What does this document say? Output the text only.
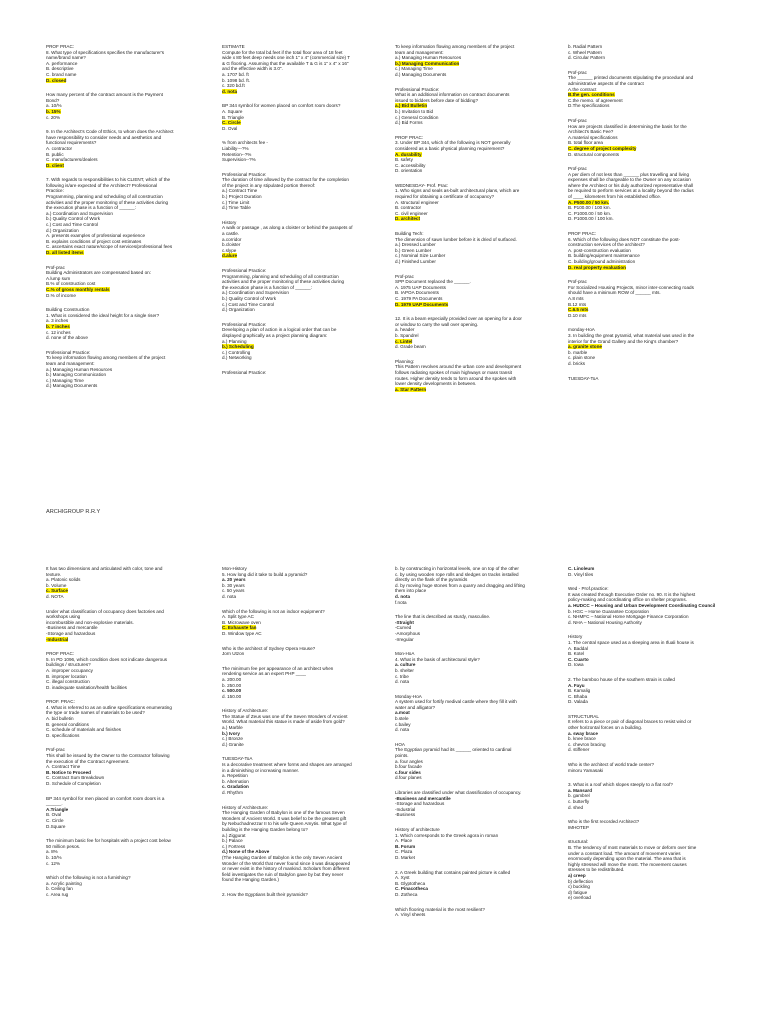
PROF PRAC:
8. What type of specifications specifies the manufacturer's
name/brand name?
A. performance
B. descriptive
C. brand name
D. closed
How many percent of the contract amount is the Payment
Bond?
a. 10/%
b. 15%
c. 20%
9. In the Architect's Code of Ethics, to whom does the Architect
have responsibility to consider needs and aesthetics and
functional requirements?
A. contractor
B. public
C. manufacturers/dealers
D. client
7. With regards to responsibilities to his CLIENT, which of the
following is/are expected of the Architect? Professional
Practice:
Programming, planning and scheduling of all construction
activities and the proper monitoring of these activities during
the execution phase is a function of ______:
a.) Coordination and Supervision
b.) Quality Control of Work
c.) Cost and Time Control
d.) Organization
A. presents examples of professional experience
B. explains conditions of project cost estimates
C. ascertains exact nature/scope of services/professional fees
D. all listed items
Prof-prac
Building Administrators are compensated based on:
A.lump sum
B.% of construction cost
C.% of gross monthly rentals
D.% of income
Building Construction
1. What is considered the ideal height for a single riser?
a. 3 inches
b. 7 inches
c. 12 inches
d. none of the above
Professional Practice:
To keep information flowing among members of the project
team and management:
a.) Managing Human Resources
b.) Managing Communication
c.) Managing Time
d.) Managing Documents
ESTIMATE
Compute for the total bd.feet if the total floor area of 18 feet
wide x 80 feet deep needs one inch 1" x 4" (commercial size) T
& G flooring. Assuming that the available T & G is 1" x 4" x 16"
and the effective width is 3.0".
a. 1707 bd. ft
b. 1098 bd. ft.
c. 320 bd.ft
d. nota
BP 344 symbol for women placed on comfort room doors?
A. Square
B. Triangle
C. Circle
D. Oval
% from architects fee -
Liability---?%
Retention--?%
Supervision--?%
Professional Practice:
The duration of time allowed by the contract for the completion
of the project in any stipulated portion thereof:
a.) Contract Time
b.) Project Duration
c.) Time Limit
d.) Time Table
History
A walk or passage , as along a cloister or behind the parapets of
a castle.
a.corridor
b.cloister
c.slype
d.alure
Professional Practice:
Programming, planning and scheduling of all construction
activities and the proper monitoring of these activities during
the execution phase is a function of ______:
a.) Coordination and Supervision
b.) Quality Control of Work
c.) Cost and Time Control
d.) Organization
Professional Practice:
Developing a plan of action in a logical order that can be
displayed graphically as a project planning diagram:
a.) Planning
b.) Scheduling
c.) Controlling
d.) Networking
Professional Practice:
To keep information flowing among members of the project
team and management:
a.) Managing Human Resources
b.) Managing Communication
c.) Managing Time
d.) Managing Documents
Professional Practice:
What is an additional information on contract documents
issued to bidders before date of bidding?
a.) Bid Bulletin
b.) Invitation to Bid
c.) General Condition
d.) Bid Forms
PROF PRAC:
3. Under BP 344, which of the following is NOT generally
considered as a basic physical planning requirement?
A. durability
B. safety
C. accessibility
D. orientation
WEDNESDAY- Prof. Prac:
1. Who signs and seals as-built architectural plans, which are
required for obtaining a certificate of occupancy?
A. structural engineer
B. contractor
C. civil engineer
D. architect
Building Tech:
The dimension of sawn lumber before it is dried of surfaced.
a.) Dressed Lumber
b.) Green Lumber
c.) Nominal Size Lumber
d.) Finished Lumber
Prof-prac
SPP Document replaced the ______.
A. 1975 UAP Documents
B. IAPOA Documents
C. 1979 PA Documents
D. 1979 UAP Documents
12. It is a beam especially provided over an opening for a door
or window to carry the wall over opening.
a. header
b. Spandrel
c. Lintel
d. Grade beam
Planning:
This Pattern revolves around the urban core and development
follows radiating spokes of main highways or mass transit
routes. Higher density tends to form around the spokes with
lower density developments in between.
a. Star Pattern
b. Radial Pattern
c. Wheel Pattern
d. Circular Pattern
Prof-prac
The ______ printed documents stipulating the procedural and
administrative aspects of the contract
A.the contract
B.the gen. conditions
C.the memo. of agreement
D.The specifications
Prof-prac
How are projects classified in determining the basis for the
Architect's Basic Fee?
A.material specifications
B. total floor area
C. degree of project complexity
D. structural components
Prof-prac
A per diem of not less than ______ plus travelling and living
expenses shall be chargeable to the Owner on any occasion
where the Architect or his duly authorized representative shall
be required to perform services at a locality beyond the radius
of ____ kilometers from his established office.
A. P500.00 / 50 km.
B. P100.00 / 100 km.
C. P1000.00 / 50 km.
D. P1000.00 / 100 km.
PROF PRAC:
6. Which of the following does NOT constitute the post-
construction services of the architect?
A. post-construction evaluation
B. building/equipment maintenance
C. building/ground administration
D. real property evaluation
Prof-prac
For Socialized Housing Projects, minor inter-connecting roads
should have a minimum ROW of ______ mts.
A.8 mts
B.12 mts
C.6.5 mts
D.10 mts
monday-HoA
3. In building the great pyramid, what material was used in the
interior for the Grand Gallery and the King's chamber?
a. granite stone
b. marble
c. plain stone
d. bricks
TUESDAY-ToA
ARCHIGROUP R.R.Y
It has two dimensions and articulated with color, tone and
texture.
a. Platonic solids
b. Volume
c. Surface
d. NOTA
Under what classification of occupancy does factories and
workshops using
incombustible and non-explosive materials.
-Business and mercantile
-Storage and hazardous
-Industrial
PROF PRAC:
5. In PD 1096, which condition does not indicate dangerous
buildings / structures?
A. improper occupancy
B. improper location
C. illegal construction
D. inadequate sanitation/health facilities
PROF. PRAC:
4. What is referred to as an outline specifications enumerating
the type or trade names of materials to be used?
A. bid bulletin
B. general conditions
C. schedule of materials and finishes
D. specifications
Prof-prac
This shall be issued by the Owner to the Contractor following
the execution of the Contract Agreement.
A. Contract Time
B. Notice to Proceed
C. Contract Sum Breakdown
D. Schedule of Completion
BP 344 symbol for men placed on comfort room doors is a
______.
A.Triangle
B. Oval
C. Circle
D.Square
The minimum basic fee for hospitals with a project cost below
50 million pesos.
a. 8%
b. 10/%
c. 12%
Which of the following is not a furnishing?
a. Acrylic painting
b. Ceiling fan
c. Area rug
Mon-History
5. How long did it take to build a pyramid?
a. 20 years
b. 30 years
c. 50 years
d. nota
Which of the following is not an indoor equipment?
A. Split type AC
B. Microwave oven
C. Exhauste fan
D. Window type AC
Who is the architect of Sydney Opera House?
Jorn Utzon
The minimum fee per appearance of an architect when
rendering service as an expert PHP ____
a. 200.00
b. 250.00
c. 500.00
d. 150.00
History of Architecture:
The Statue of Zeus was one of the Seven Wonders of Ancient
World. What material this statue is made of aside from gold?
a.) Marble
b.) Ivory
c.) Bronze
d.) Granite
TUESDAY-ToA
Is a decorative treatment where forms and shapes are arranged
in a diminishing or increasing manner.
a. Repetition
b. Alternation
c. Gradation
d. Rhythm
History of Architecture:
The Hanging Garden of Babylon is one of the famous Seven
Wonders of Ancient World. It was belief to be the greatest gift
by Nebuchadnezzar II to his wife Queen Amytis. What type of
building is the Hanging Garden belong to?
a.) Ziggurat
b.) Palace
c.) Fortress
d.) None of the Above
(The Hanging Garden of Babylon is the only Seven Ancient
Wonder of the World that never found since it was disappeared
or never exist in the history of mankind. Scholars from different
field investigates the ruin of Babylon gave by but they never
found the Hanging Garden.)
2. How the Egyptians built their pyramids?
b. by constructing in horizontal levels, one on top of the other
c. by using wooden rope rolls and sledges on tracks installed
directly on the flank of the pyramids
d. by moving huge stones from a quarry and dragging and lifting
them into place
d. nota
f.nota
The line that is described as sturdy, masculine.
-Straight
-Curved
-Amorphous
-Irregular
Mon-HoA
4. What is the basis of architectural style?
a. culture
b. shelter
c. tribe
d. nota
Monday-HoA
A system used for fortify medival castle where they fill it with
water and alligator?
a.moat
b.stele
c.bailey
d. nota
HOA
The Egyptian pyramid had its ______ oriented to cardinal
points.
a. four angles
b.four facade
c.four sides
d.four planes
Libraries are classified under what classification of occupancy.
-Business and mercantile
-Storage and hazardous
-Industrial
-Business
History of architecture
1. Which corresponds to the Greek agora in roman
A. Place
B. Forum
C. Plaza
D. Market
2. A Greek building that contains painted picture is called
A. Xyst
B. Glyptotheca
C. Pinacotheca
D. Zotheca
Which flooring material is the most resilient?
A. Vinyl sheets
C. Linoleum
D. Vinyl tiles
Wed - Prof.practice:
It was created through Executive Order no. 90. It is the highest
policy-making and coordinating office on shelter programs.
a. HUDCC – Housing and Urban Development Coordinating Council
b. HGC – Home Guarantee Corporation
c. NHMFC – National Home Mortgage Finance Corporation
d. NHA – National Housing Authority
History
1. The central space used as a sleeping area in Ifuali house is
A. Baddal
B. Kotel
C. Cuarto
D. Iowa
2. The bamboo house of the southern strain is called
A. Fayu
B. Kamalig
C. Bhaba
D. Valada
STRUCTURAL
It refers to a piece or pair of diagonal braces to resist wind or
other horizontal forces on a building.
a. sway brace
b. knee brace
c. chevron bracing
d. stiffener
Who is the architect of world trade center?
minoru Yamasaki
3. What is a roof which slopes steeply to a flat roof?
a. Mansard
b. gambrel
c. butterfly
d. shed
Who is the first recorded Architect?
IMHOTEP
structural:
B. The tendency of most materials to move or deform over time
under a constant load. The amount of movement varies
enormously depending upon the material. The area that is
highly stressed will move the most. The movement causes
stresses to be redistributed.
a) creep
b) deflection
c) buckling
d) fatigue
e) overload
